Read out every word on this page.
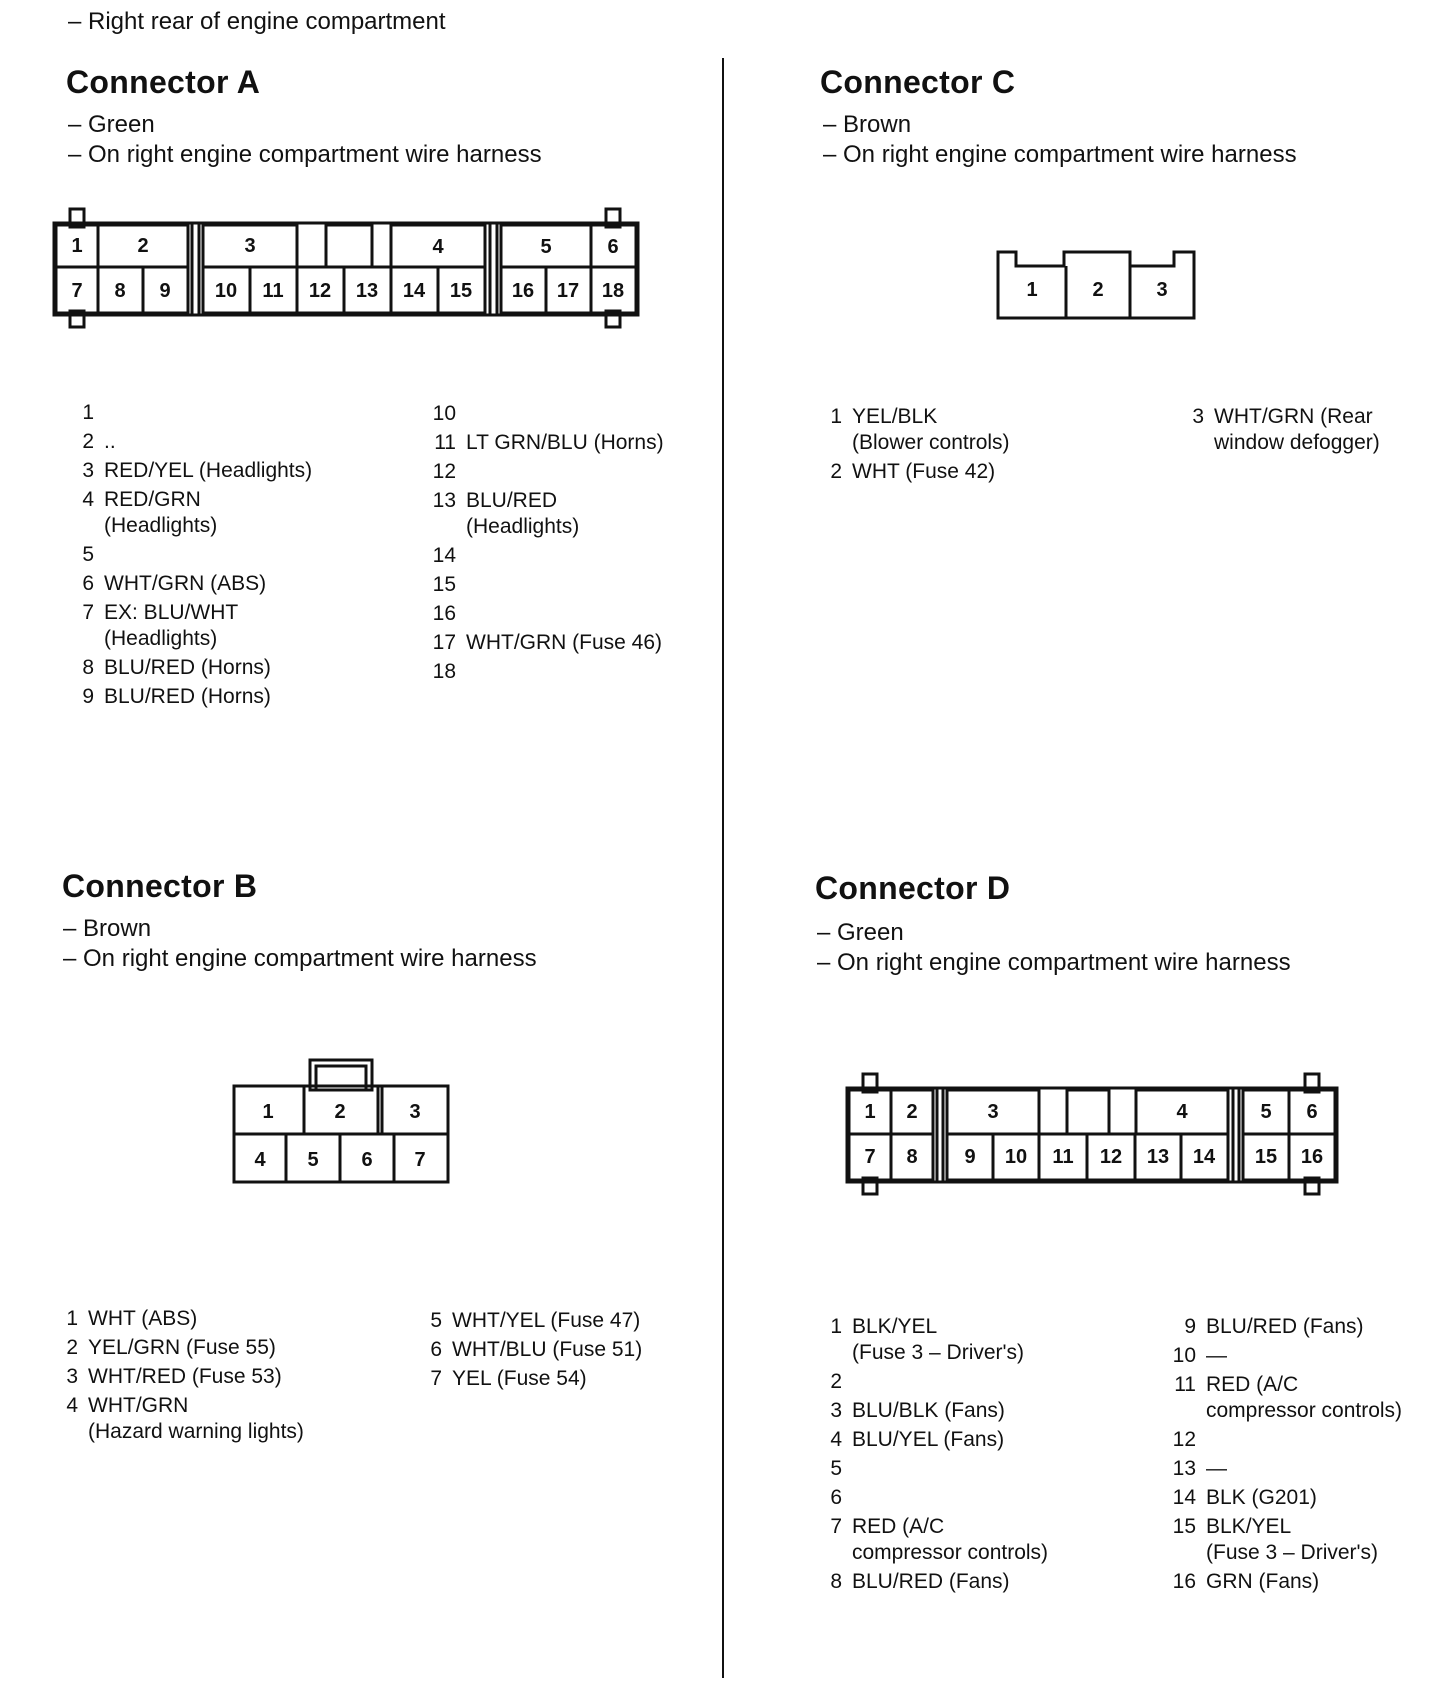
– Right rear of engine compartment
Connector A
– Green
– On right engine compartment wire harness
1	2	3	4	5	6
7 8 9 10 11 12 13 14 15 16 17 18
1
2 ..
3 RED/YEL (Headlights)
4 RED/GRN
(Headlights)
5
6 WHT/GRN (ABS)
7 EX: BLU/WHT
(Headlights)
8 BLU/RED (Horns)
9 BLU/RED (Horns)
10
11 LT GRN/BLU (Horns)
12
13 BLU/RED
(Headlights)
14
15
16
17 WHT/GRN (Fuse 46)
18
Connector C
– Brown
– On right engine compartment wire harness
1	2	3
1 YEL/BLK
(Blower controls)
2 WHT (Fuse 42)
3 WHT/GRN (Rear
window defogger)
Connector B
– Brown
– On right engine compartment wire harness
1	2	3
4 5 6 7
1 WHT (ABS)
2 YEL/GRN (Fuse 55)
3 WHT/RED (Fuse 53)
4 WHT/GRN
(Hazard warning lights)
5 WHT/YEL (Fuse 47)
6 WHT/BLU (Fuse 51)
7 YEL (Fuse 54)
Connector D
– Green
– On right engine compartment wire harness
1 2	3	4	5 6
7 8 9 10 11 12 13 14 15 16
1 BLK/YEL
(Fuse 3 – Driver's)
2
3 BLU/BLK (Fans)
4 BLU/YEL (Fans)
5
6
7 RED (A/C
compressor controls)
8 BLU/RED (Fans)
9 BLU/RED (Fans)
10 —
11 RED (A/C
compressor controls)
12
13 —
14 BLK (G201)
15 BLK/YEL
(Fuse 3 – Driver's)
16 GRN (Fans)
